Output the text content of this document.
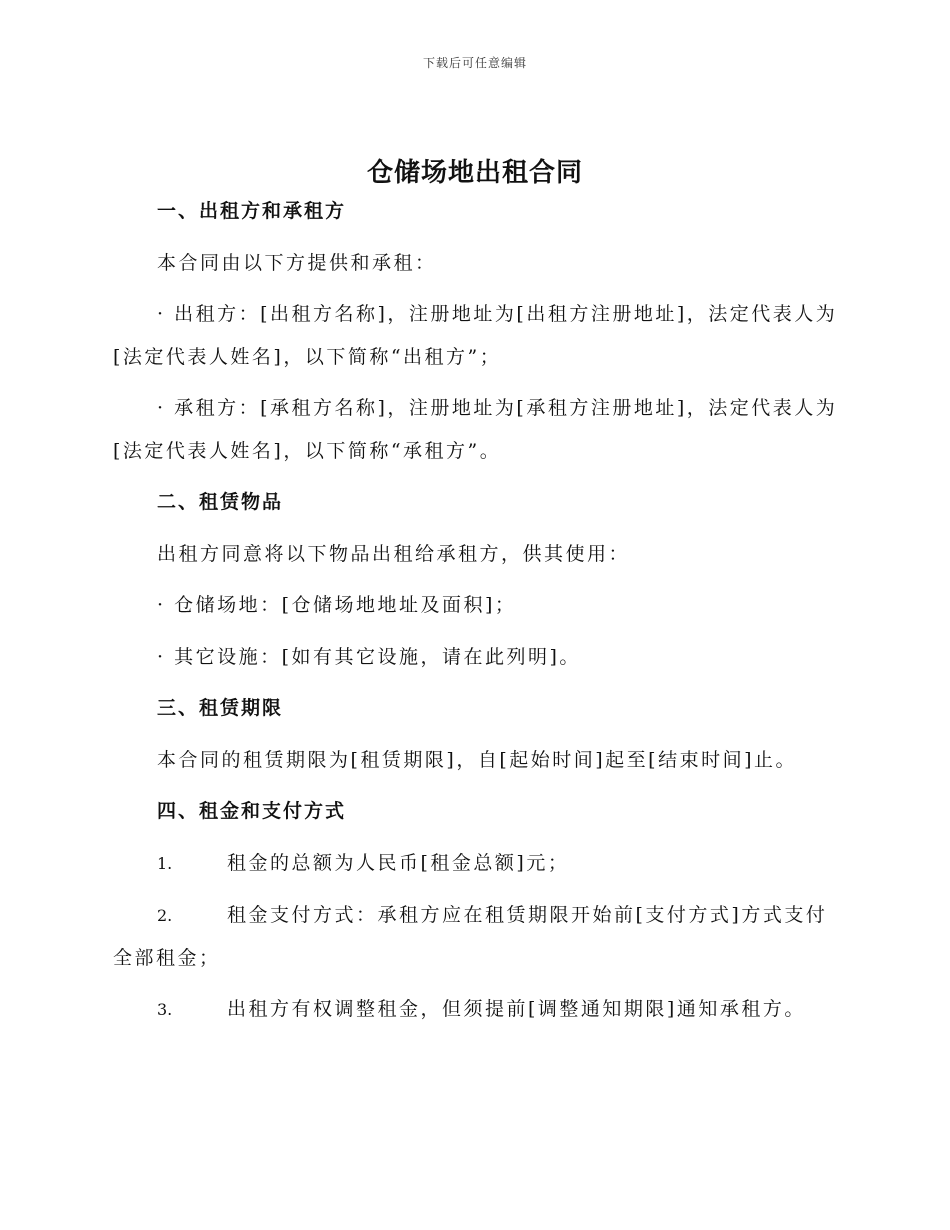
下载后可任意编辑
仓储场地出租合同
一、出租方和承租方
本合同由以下方提供和承租：
· 出租方：[出租方名称]，注册地址为[出租方注册地址]，法定代表人为
[法定代表人姓名]，以下简称“出租方”；
· 承租方：[承租方名称]，注册地址为[承租方注册地址]，法定代表人为
[法定代表人姓名]，以下简称“承租方”。
二、租赁物品
出租方同意将以下物品出租给承租方，供其使用：
· 仓储场地：[仓储场地地址及面积]；
· 其它设施：[如有其它设施，请在此列明]。
三、租赁期限
本合同的租赁期限为[租赁期限]，自[起始时间]起至[结束时间]止。
四、租金和支付方式
1.	租金的总额为人民币[租金总额]元；
2.	租金支付方式：承租方应在租赁期限开始前[支付方式]方式支付
全部租金；
3.	出租方有权调整租金，但须提前[调整通知期限]通知承租方。
